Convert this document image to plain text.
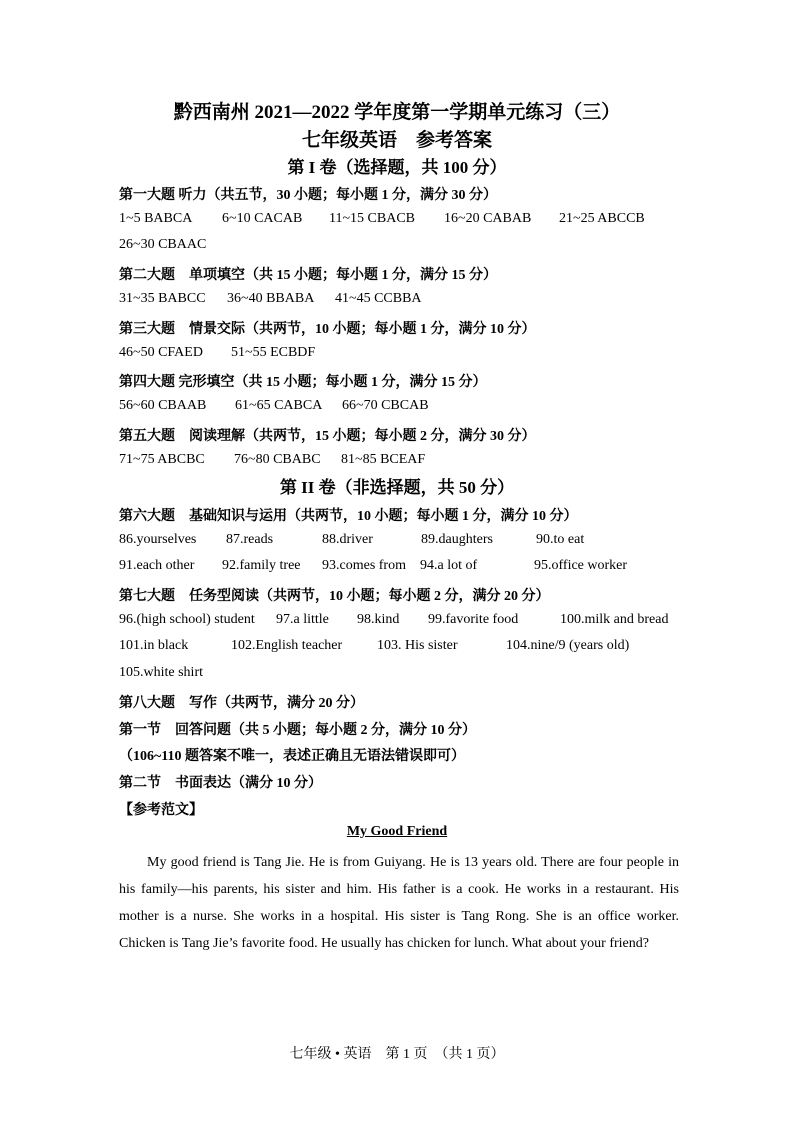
黔西南州 2021—2022 学年度第一学期单元练习（三）
七年级英语　参考答案
第 I 卷（选择题，共 100 分）
第一大题 听力（共五节，30 小题；每小题 1 分，满分 30 分）
1~5 BABCA 6~10 CACAB 11~15 CBACB 16~20 CABAB 21~25 ABCCB
26~30 CBAAC
第二大题　单项填空（共 15 小题；每小题 1 分，满分 15 分）
31~35 BABCC 36~40 BBABA 41~45 CCBBA
第三大题　情景交际（共两节，10 小题；每小题 1 分，满分 10 分）
46~50 CFAED 51~55 ECBDF
第四大题 完形填空（共 15 小题；每小题 1 分，满分 15 分）
56~60 CBAAB 61~65 CABCA 66~70 CBCAB
第五大题　阅读理解（共两节，15 小题；每小题 2 分，满分 30 分）
71~75 ABCBC 76~80 CBABC 81~85 BCEAF
第 II 卷（非选择题，共 50 分）
第六大题　基础知识与运用（共两节，10 小题；每小题 1 分，满分 10 分）
86.yourselves 87.reads	88.driver	89.daughters	90.to eat
91.each other 92.family tree 93.comes from 94.a lot of	95.office worker
第七大题　任务型阅读（共两节，10 小题；每小题 2 分，满分 20 分）
96.(high school) student 97.a little 98.kind 99.favorite food	100.milk and bread
101.in black	102.English teacher 103. His sister	104.nine/9 (years old)
105.white shirt
第八大题　写作（共两节，满分 20 分）
第一节　回答问题（共 5 小题；每小题 2 分，满分 10 分）
（106~110 题答案不唯一，表述正确且无语法错误即可）
第二节　书面表达（满分 10 分）
【参考范文】
My Good Friend

My good friend is Tang Jie. He is from Guiyang. He is 13 years old. There are four people in his family—his parents, his sister and him. His father is a cook. He works in a restaurant. His mother is a nurse. She works in a hospital. His sister is Tang Rong. She is an office worker. Chicken is Tang Jie’s favorite food. He usually has chicken for lunch. What about your friend?

七年级 • 英语　第 1 页　（共 1 页）
